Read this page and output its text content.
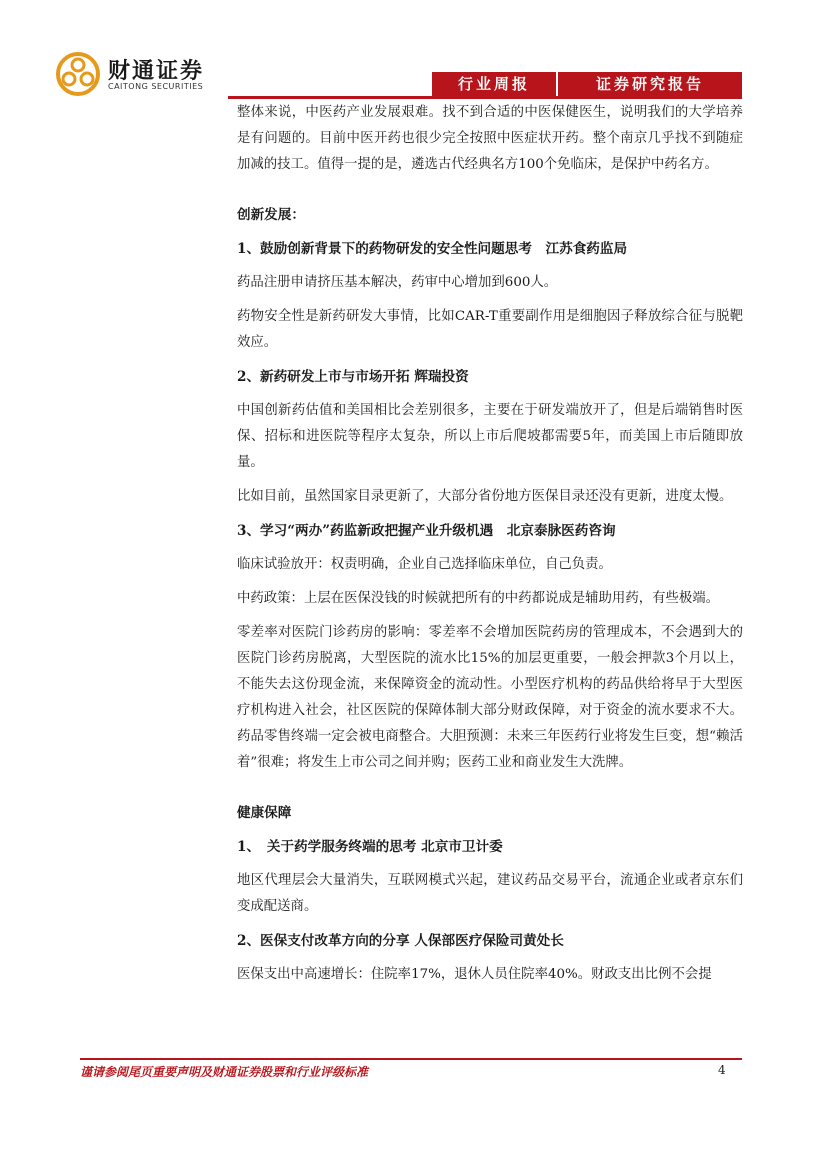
财通证券
CAITONG SECURITIES	行业周报	证券研究报告

整体来说，中医药产业发展艰难。找不到合适的中医保健医生，说明我们的大学培养是有问题的。目前中医开药也很少完全按照中医症状开药。整个南京几乎找不到随症加减的技工。值得一提的是，遴选古代经典名方100个免临床，是保护中药名方。

创新发展：
1、鼓励创新背景下的药物研发的安全性问题思考　江苏食药监局

药品注册申请挤压基本解决，药审中心增加到600人。

药物安全性是新药研发大事情，比如CAR-T重要副作用是细胞因子释放综合征与脱靶效应。

2、新药研发上市与市场开拓 辉瑞投资

中国创新药估值和美国相比会差别很多，主要在于研发端放开了，但是后端销售时医保、招标和进医院等程序太复杂，所以上市后爬坡都需要5年，而美国上市后随即放量。

比如目前，虽然国家目录更新了，大部分省份地方医保目录还没有更新，进度太慢。

3、学习“两办”药监新政把握产业升级机遇　北京泰脉医药咨询

临床试验放开：权责明确，企业自己选择临床单位，自己负责。

中药政策：上层在医保没钱的时候就把所有的中药都说成是辅助用药，有些极端。

零差率对医院门诊药房的影响：零差率不会增加医院药房的管理成本，不会遇到大的医院门诊药房脱离，大型医院的流水比15%的加层更重要，一般会押款3个月以上，不能失去这份现金流，来保障资金的流动性。小型医疗机构的药品供给将早于大型医疗机构进入社会，社区医院的保障体制大部分财政保障，对于资金的流水要求不大。药品零售终端一定会被电商整合。大胆预测：未来三年医药行业将发生巨变，想“赖活着”很难；将发生上市公司之间并购；医药工业和商业发生大洗牌。

健康保障
1、　关于药学服务终端的思考 北京市卫计委

地区代理层会大量消失，互联网模式兴起，建议药品交易平台，流通企业或者京东们变成配送商。

2、医保支付改革方向的分享 人保部医疗保险司黄处长

医保支出中高速增长：住院率17%，退休人员住院率40%。财政支出比例不会提

谨请参阅尾页重要声明及财通证券股票和行业评级标准	4
